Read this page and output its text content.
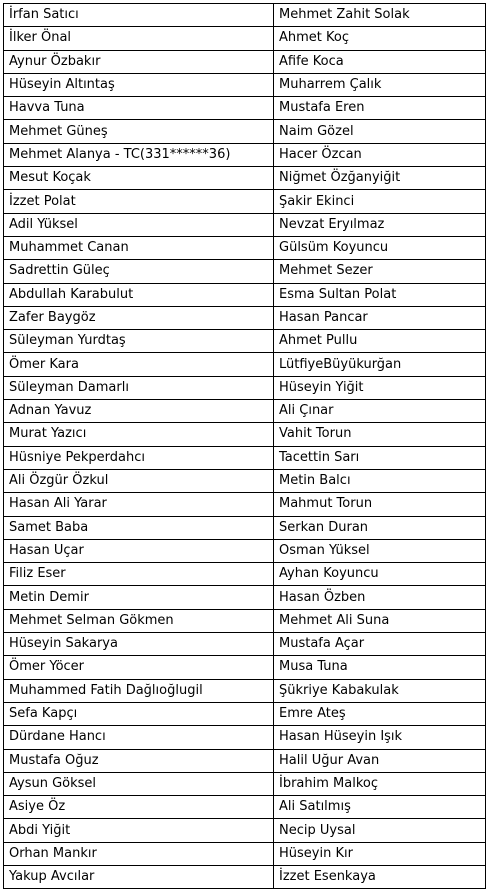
İrfan Satıcı	Mehmet Zahit Solak
İlker Önal	Ahmet Koç
Aynur Özbakır	Afife Koca
Hüseyin Altıntaş	Muharrem Çalık
Havva Tuna	Mustafa Eren
Mehmet Güneş	Naim Gözel
Mehmet Alanya - TC(331******36)	Hacer Özcan
Mesut Koçak	Niğmet Özğanyiğit
İzzet Polat	Şakir Ekinci
Adil Yüksel	Nevzat Eryılmaz
Muhammet Canan	Gülsüm Koyuncu
Sadrettin Güleç	Mehmet Sezer
Abdullah Karabulut	Esma Sultan Polat
Zafer Baygöz	Hasan Pancar
Süleyman Yurdtaş	Ahmet Pullu
Ömer Kara	LütfiyeBüyükurğan
Süleyman Damarlı	Hüseyin Yiğit
Adnan Yavuz	Ali Çınar
Murat Yazıcı	Vahit Torun
Hüsniye Pekperdahcı	Tacettin Sarı
Ali Özgür Özkul	Metin Balcı
Hasan Ali Yarar	Mahmut Torun
Samet Baba	Serkan Duran
Hasan Uçar	Osman Yüksel
Filiz Eser	Ayhan Koyuncu
Metin Demir	Hasan Özben
Mehmet Selman Gökmen	Mehmet Ali Suna
Hüseyin Sakarya	Mustafa Açar
Ömer Yöcer	Musa Tuna
Muhammed Fatih Dağlıoğlugil	Şükriye Kabakulak
Sefa Kapçı	Emre Ateş
Dürdane Hancı	Hasan Hüseyin Işık
Mustafa Oğuz	Halil Uğur Avan
Aysun Göksel	İbrahim Malkoç
Asiye Öz	Ali Satılmış
Abdi Yiğit	Necip Uysal
Orhan Mankır	Hüseyin Kır
Yakup Avcılar	İzzet Esenkaya
